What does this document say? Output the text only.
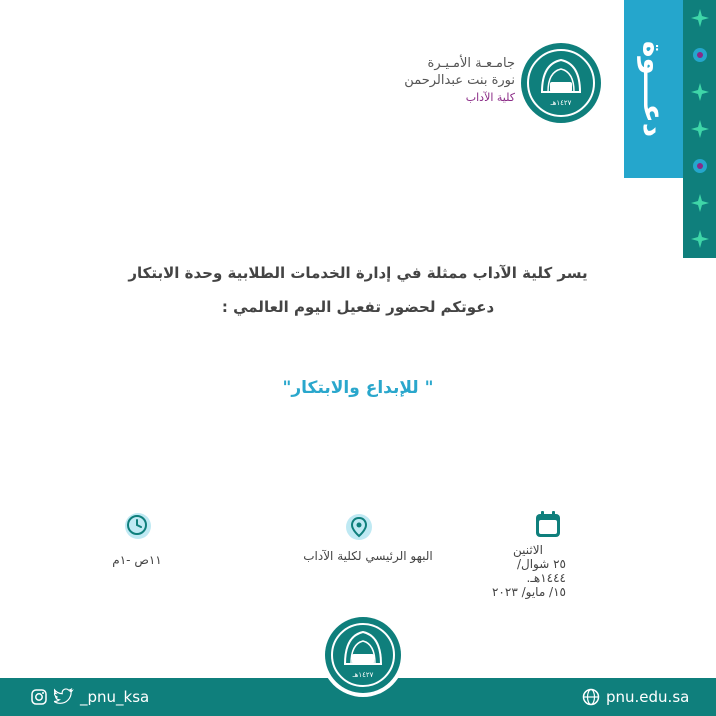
دعـــوة
١٤٢٧هـ
جامـعـة الأمـيـرة
نورة بنت عبدالرحمن
كلية الآداب
يسر كلية الآداب ممثلة في إدارة الخدمات الطلابية وحدة الابتكار
دعوتكم لحضور تفعيل اليوم العالمي :
" للإبداع والابتكار"
الاثنين
٢٥ شوال/ ١٤٤٤هـ.
١٥/ مايو/ ٢٠٢٣
البهو الرئيسي لكلية الآداب
١١ص -١م
١٤٢٧هـ
pnu.edu.sa
_pnu_ksa
